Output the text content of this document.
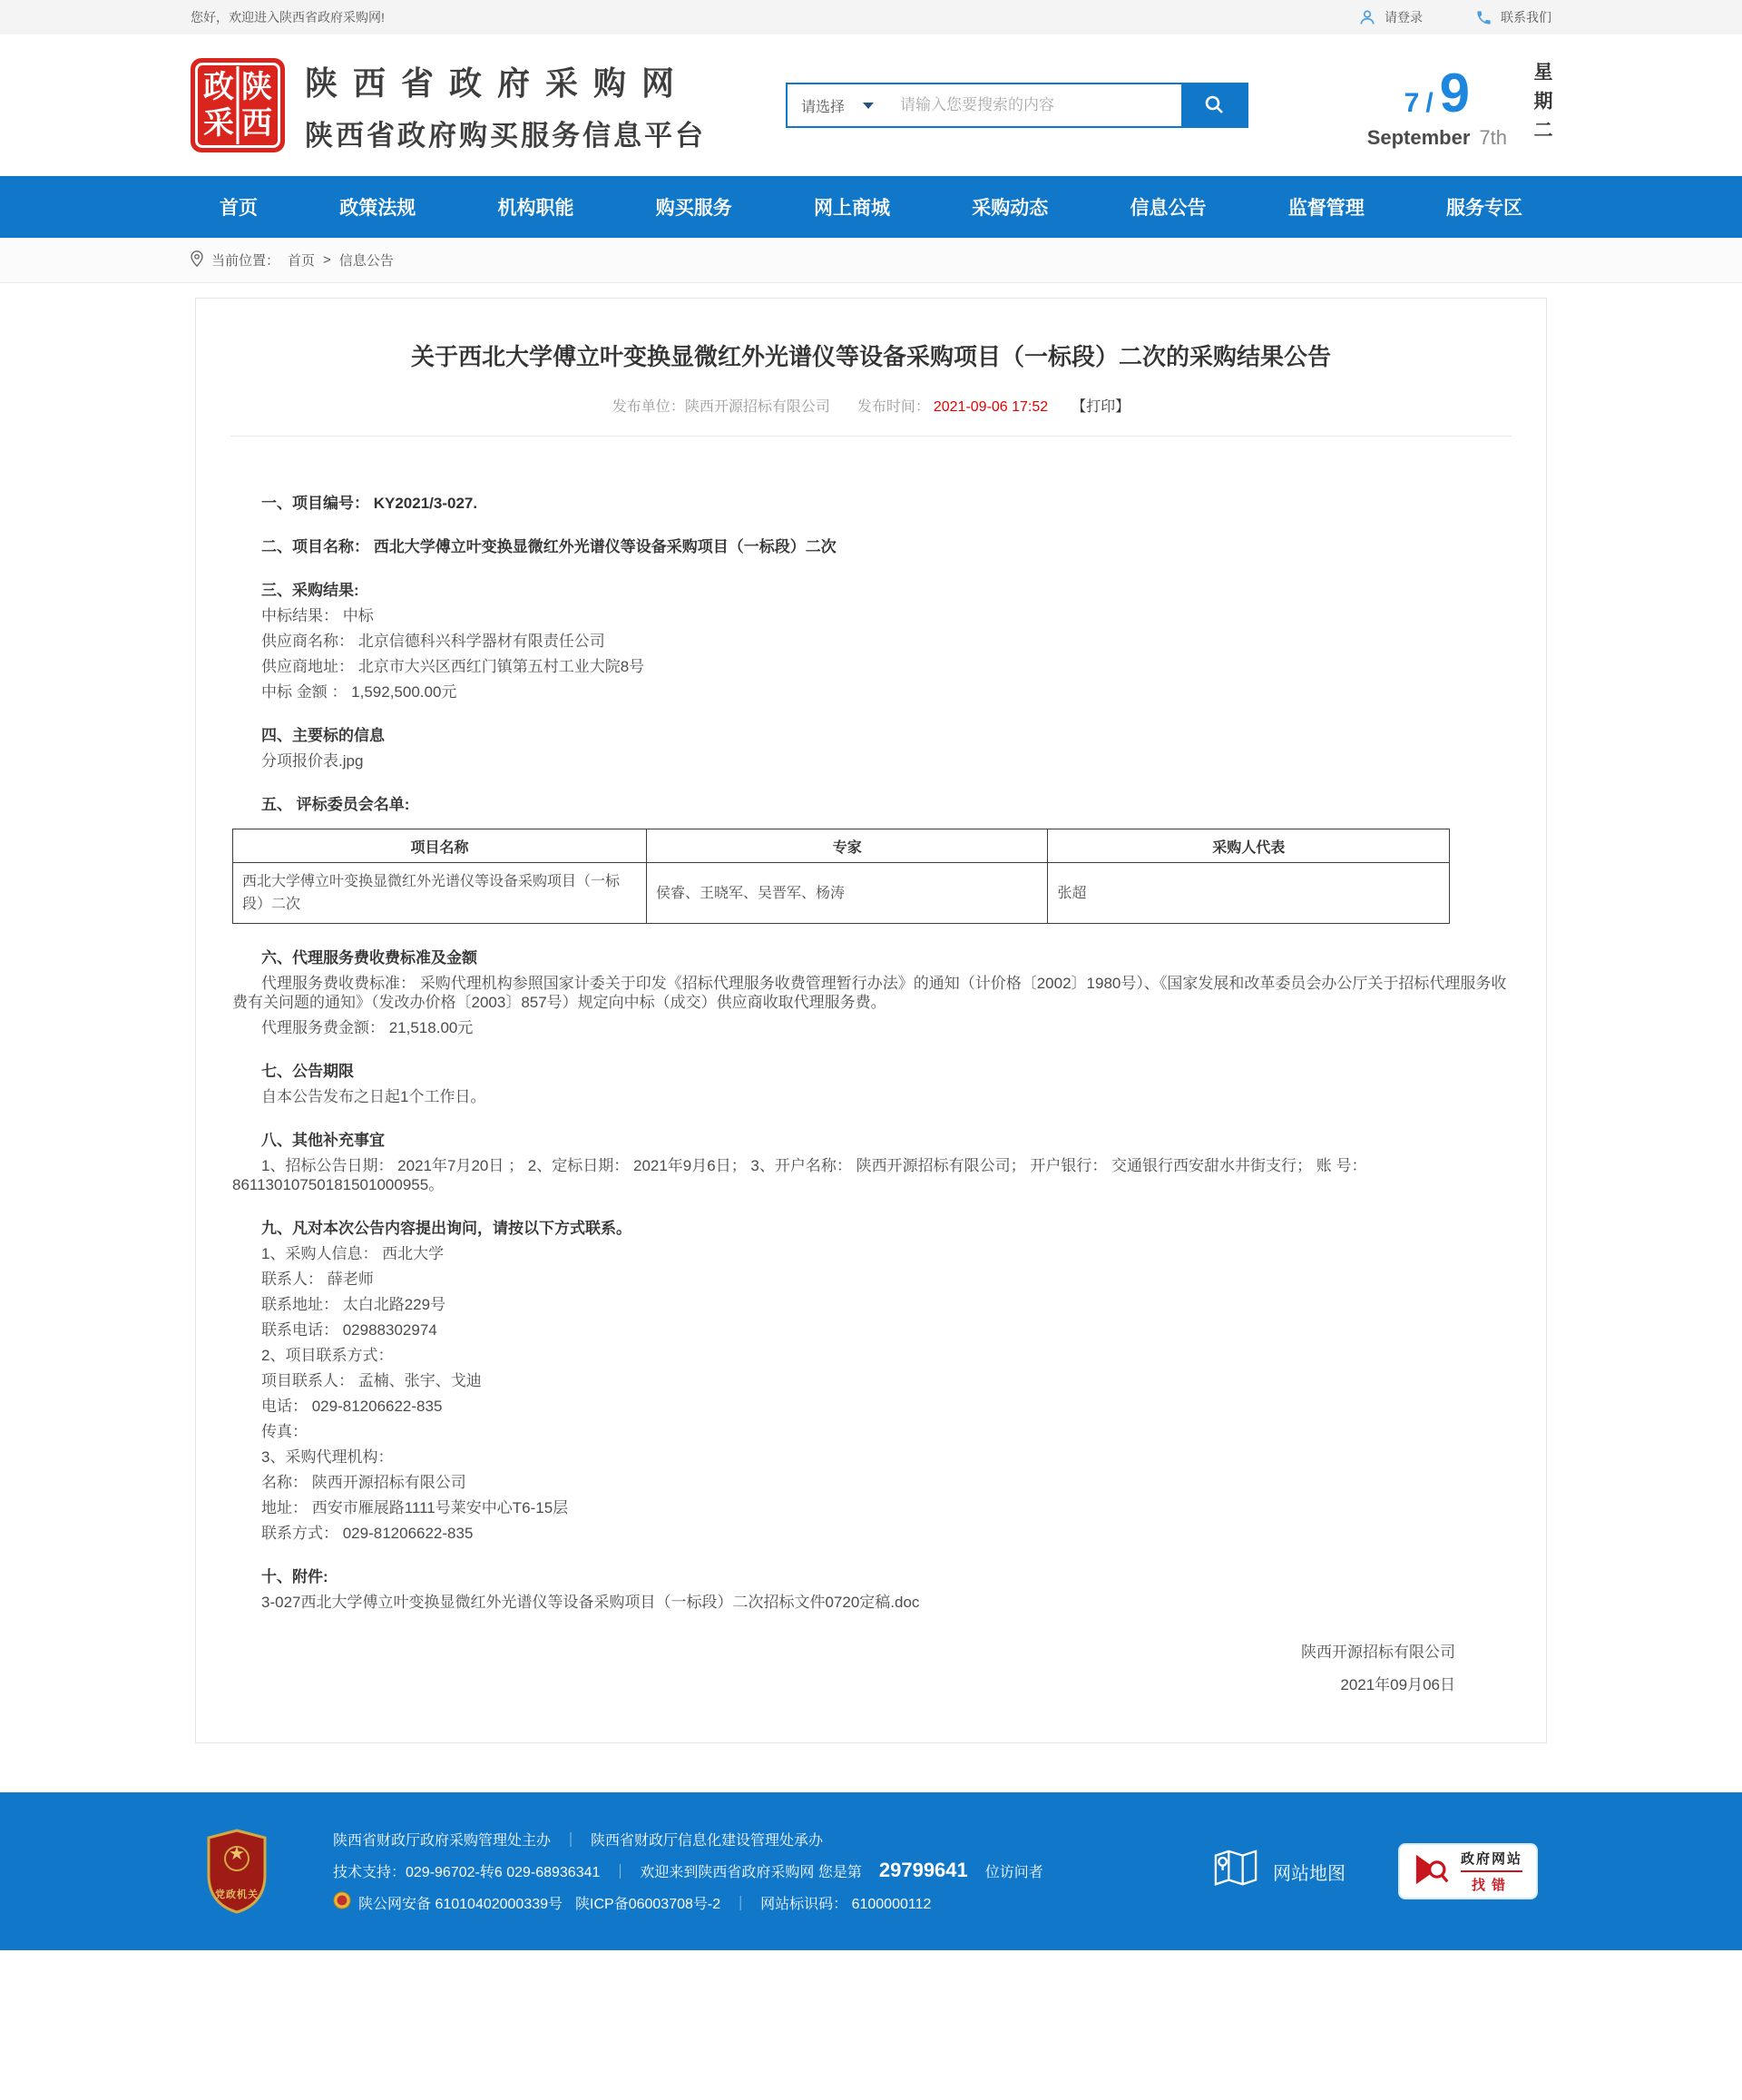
您好，欢迎进入陕西省政府采购网!	请登录	联系我们
政
采
陕
西
陕西省政府采购网
陕西省政府购买服务信息平台
请选择
请输入您要搜索的内容	7 / 9
September 7th 星期二
首页	政策法规	机构职能	购买服务	网上商城	采购动态	信息公告	监督管理	服务专区
当前位置： 首页 > 信息公告
关于西北大学傅立叶变换显微红外光谱仪等设备采购项目（一标段）二次的采购结果公告
发布单位：陕西开源招标有限公司 发布时间： 2021-09-06 17:52 【打印】

一、项目编号： KY2021/3-027.

二、项目名称： 西北大学傅立叶变换显微红外光谱仪等设备采购项目（一标段）二次

三、采购结果:

中标结果： 中标

供应商名称： 北京信德科兴科学器材有限责任公司

供应商地址： 北京市大兴区西红门镇第五村工业大院8号

中标 金额 ： 1,592,500.00元

四、主要标的信息

分项报价表.jpg

五、 评标委员会名单:

项目名称	专家	采购人代表
西北大学傅立叶变换显微红外光谱仪等设备采购项目（一标段）二次	侯睿、王晓军、吴晋军、杨涛	张超

六、代理服务费收费标准及金额

代理服务费收费标准： 采购代理机构参照国家计委关于印发《招标代理服务收费管理暂行办法》的通知（计价格〔2002〕1980号）、《国家发展和改革委员会办公厅关于招标代理服务收费有关问题的通知》（发改办价格〔2003〕857号）规定向中标（成交）供应商收取代理服务费。

代理服务费金额： 21,518.00元

七、公告期限

自本公告发布之日起1个工作日。

八、其他补充事宜

1、招标公告日期： 2021年7月20日 ； 2、定标日期： 2021年9月6日； 3、开户名称： 陕西开源招标有限公司； 开户银行： 交通银行西安甜水井街支行； 账 号： 86113010750181501000955。

九、凡对本次公告内容提出询问，请按以下方式联系。

1、采购人信息： 西北大学

联系人： 薛老师

联系地址： 太白北路229号

联系电话： 02988302974

2、项目联系方式：

项目联系人： 孟楠、张宇、戈迪

电话： 029-81206622-835

传真：

3、采购代理机构：

名称： 陕西开源招标有限公司

地址： 西安市雁展路1111号莱安中心T6-15层

联系方式： 029-81206622-835

十、附件:

3-027西北大学傅立叶变换显微红外光谱仪等设备采购项目（一标段）二次招标文件0720定稿.doc

陕西开源招标有限公司

2021年09月06日

★
党政机关
陕西省财政厅政府采购管理处主办 ｜ 陕西省财政厅信息化建设管理处承办
技术支持：029-96702-转6 029-68936341 ｜ 欢迎来到陕西省政府采购网 您是第 29799641 位访问者
陕公网安备 61010402000339号 陕ICP备06003708号-2 ｜ 网站标识码： 6100000112
网站地图
政府网站
找错
